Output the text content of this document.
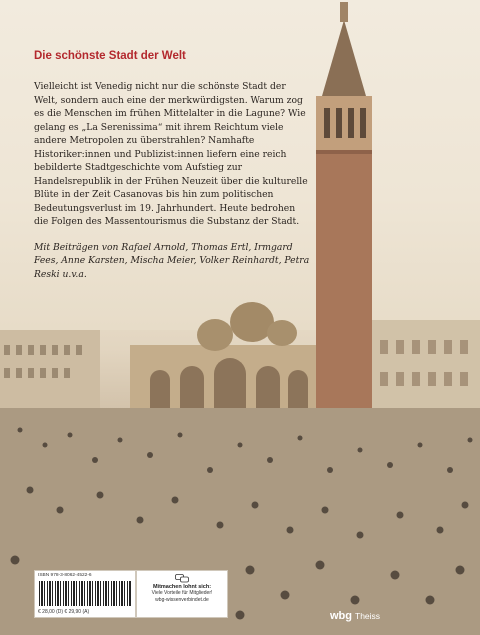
Die schönste Stadt der Welt

Vielleicht ist Venedig nicht nur die schönste Stadt der Welt, sondern auch eine der merkwürdigsten. Warum zog es die Menschen im frühen Mittelalter in die Lagune? Wie gelang es „La Serenissima“ mit ihrem Reichtum viele andere Metropolen zu überstrahlen? Namhafte Historiker:innen und Publizist:innen liefern eine reich bebilderte Stadtgeschichte vom Aufstieg zur Handelsrepublik in der Frühen Neuzeit über die kulturelle Blüte in der Zeit Casanovas bis hin zum politischen Bedeutungsverlust im 19. Jahrhundert. Heute bedrohen die Folgen des Massentourismus die Substanz der Stadt.

Mit Beiträgen von Rafael Arnold, Thomas Ertl, Irmgard Fees, Anne Karsten, Mischa Meier, Volker Reinhardt, Petra Reski u.v.a.

ISBN 978-3-8062-4522-6
€ 28,00 (D) € 29,90 (A)
Mitmachen lohnt sich:
Viele Vorteile für Mitglieder!
wbg-wissenverbindet.de
wbg Theiss
